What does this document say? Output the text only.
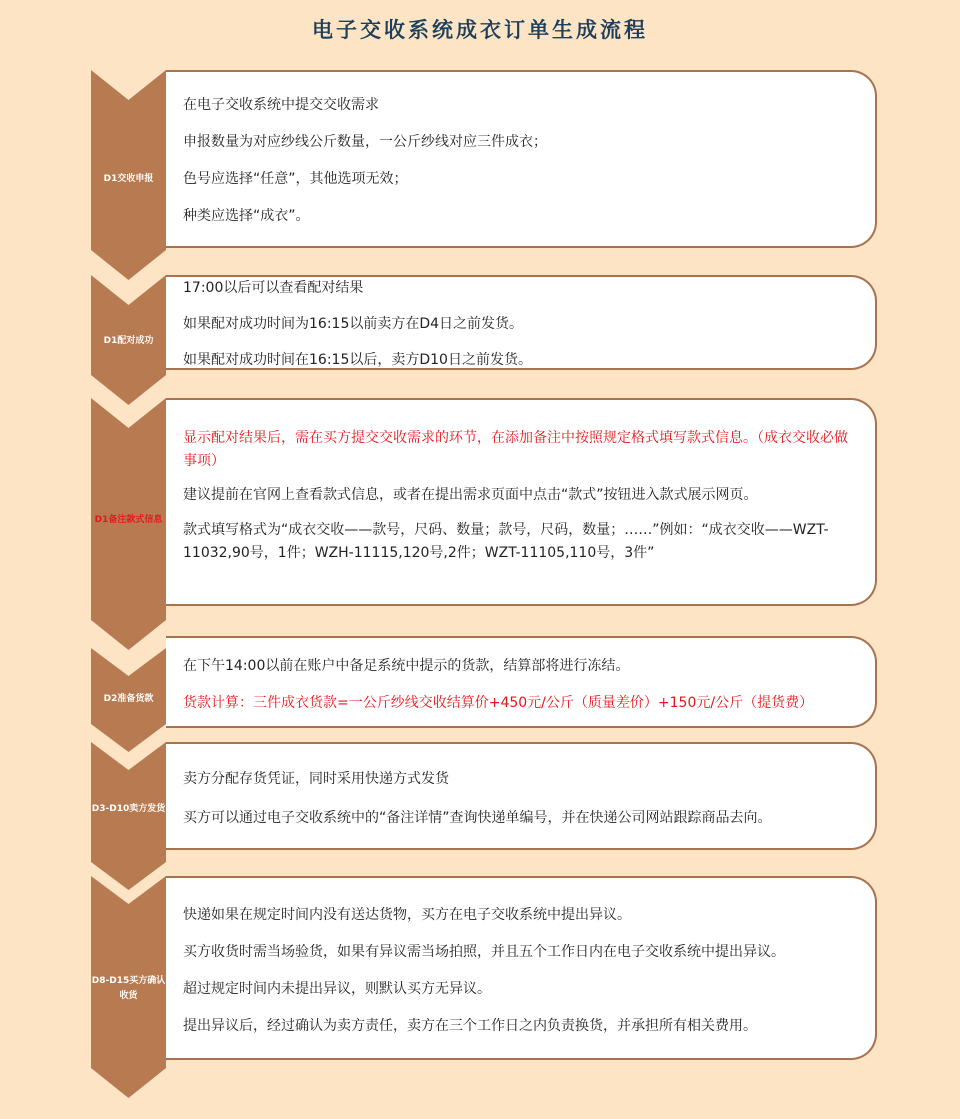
电子交收系统成衣订单生成流程
D1交收申报
在电子交收系统中提交交收需求
申报数量为对应纱线公斤数量，一公斤纱线对应三件成衣；
色号应选择“任意”，其他选项无效；
种类应选择“成衣”。
D1配对成功
17:00以后可以查看配对结果
如果配对成功时间为16:15以前卖方在D4日之前发货。
如果配对成功时间在16:15以后，卖方D10日之前发货。
D1备注款式信息
显示配对结果后，需在买方提交交收需求的环节，在添加备注中按照规定格式填写款式信息。（成衣交收必做事项）
建议提前在官网上查看款式信息，或者在提出需求页面中点击“款式”按钮进入款式展示网页。
款式填写格式为“成衣交收——款号，尺码、数量；款号，尺码，数量；……”例如：“成衣交收——WZT-11032,90号，1件；WZH-11115,120号,2件；WZT-11105,110号，3件”
D2准备货款
在下午14:00以前在账户中备足系统中提示的货款，结算部将进行冻结。
货款计算：三件成衣货款=一公斤纱线交收结算价+450元/公斤（质量差价）+150元/公斤（提货费）
D3-D10卖方发货
卖方分配存货凭证，同时采用快递方式发货
买方可以通过电子交收系统中的“备注详情”查询快递单编号，并在快递公司网站跟踪商品去向。
D8-D15买方确认收货
快递如果在规定时间内没有送达货物，买方在电子交收系统中提出异议。
买方收货时需当场验货，如果有异议需当场拍照，并且五个工作日内在电子交收系统中提出异议。
超过规定时间内未提出异议，则默认买方无异议。
提出异议后，经过确认为卖方责任，卖方在三个工作日之内负责换货，并承担所有相关费用。
